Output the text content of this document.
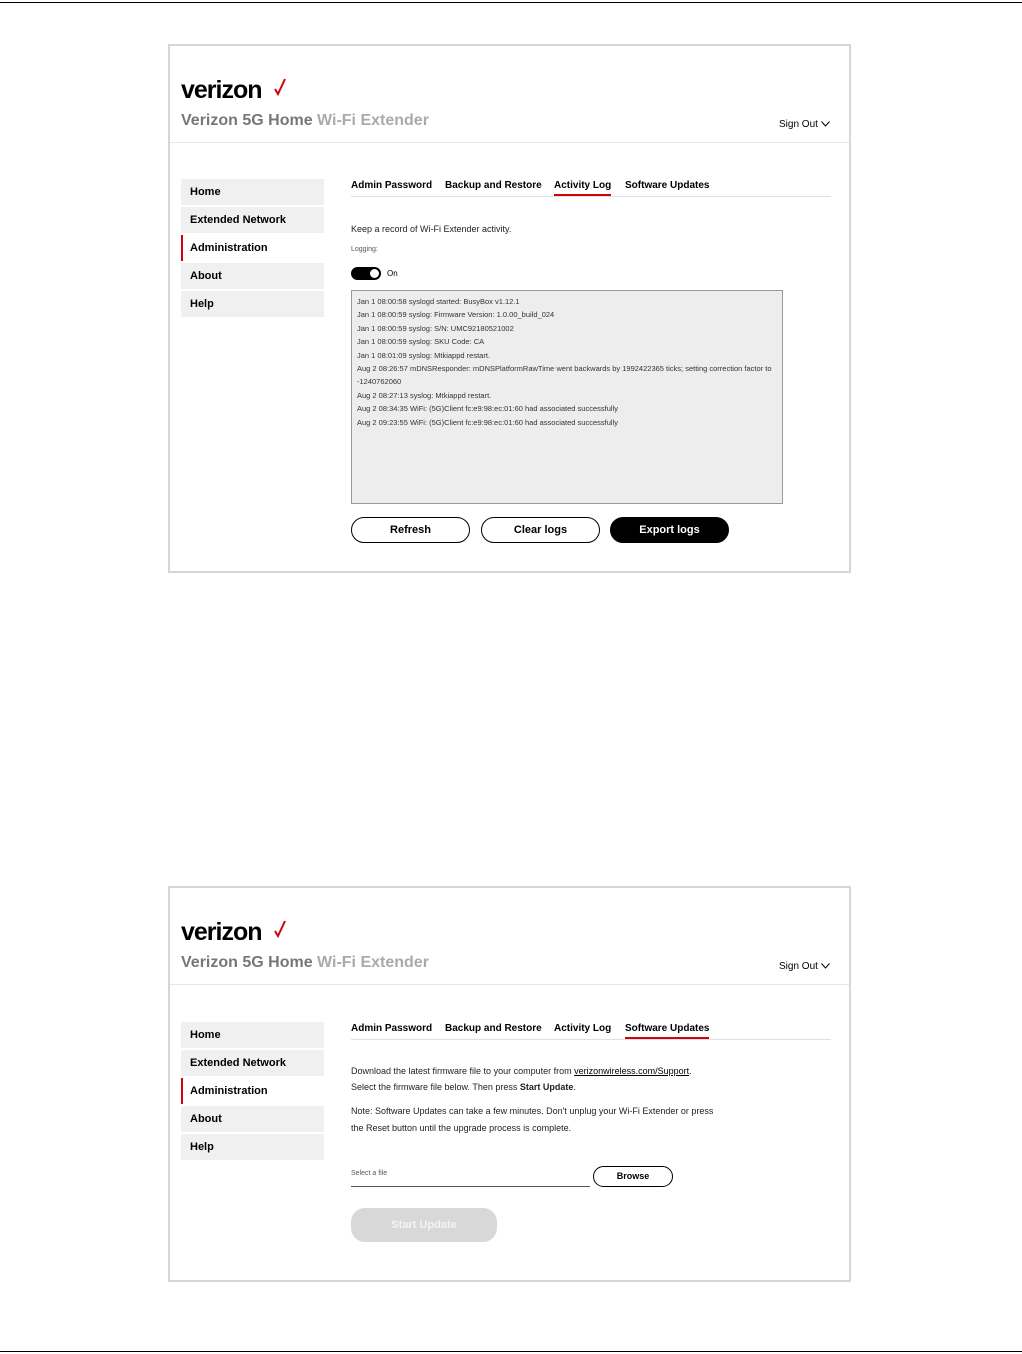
verizon
Verizon 5G Home Wi-Fi Extender	Sign Out
Home
Extended Network
Administration
About
Help
Admin Password Backup and Restore Activity Log Software Updates
Keep a record of Wi-Fi Extender activity.
Logging:
On
Jan 1 08:00:58 syslogd started: BusyBox v1.12.1
Jan 1 08:00:59 syslog: Firmware Version: 1.0.00_build_024
Jan 1 08:00:59 syslog: S/N: UMC92180521002
Jan 1 08:00:59 syslog: SKU Code: CA
Jan 1 08:01:09 syslog: Mtkiappd restart.
Aug 2 08:26:57 mDNSResponder: mDNSPlatformRawTime went backwards by 1992422365 ticks; setting correction factor to -1240762060
Aug 2 08:27:13 syslog: Mtkiappd restart.
Aug 2 08:34:35 WiFi: (5G)Client fc:e9:98:ec:01:60 had associated successfully
Aug 2 09:23:55 WiFi: (5G)Client fc:e9:98:ec:01:60 had associated successfully
Refresh	Clear logs	Export logs
verizon
Verizon 5G Home Wi-Fi Extender	Sign Out
Home
Extended Network
Administration
About
Help
Admin Password Backup and Restore Activity Log Software Updates
Download the latest firmware file to your computer from verizonwireless.com/Support.
Select the firmware file below. Then press Start Update.
Note: Software Updates can take a few minutes. Don't unplug your Wi-Fi Extender or press
the Reset button until the upgrade process is complete.
Select a file	Browse
Start Update
